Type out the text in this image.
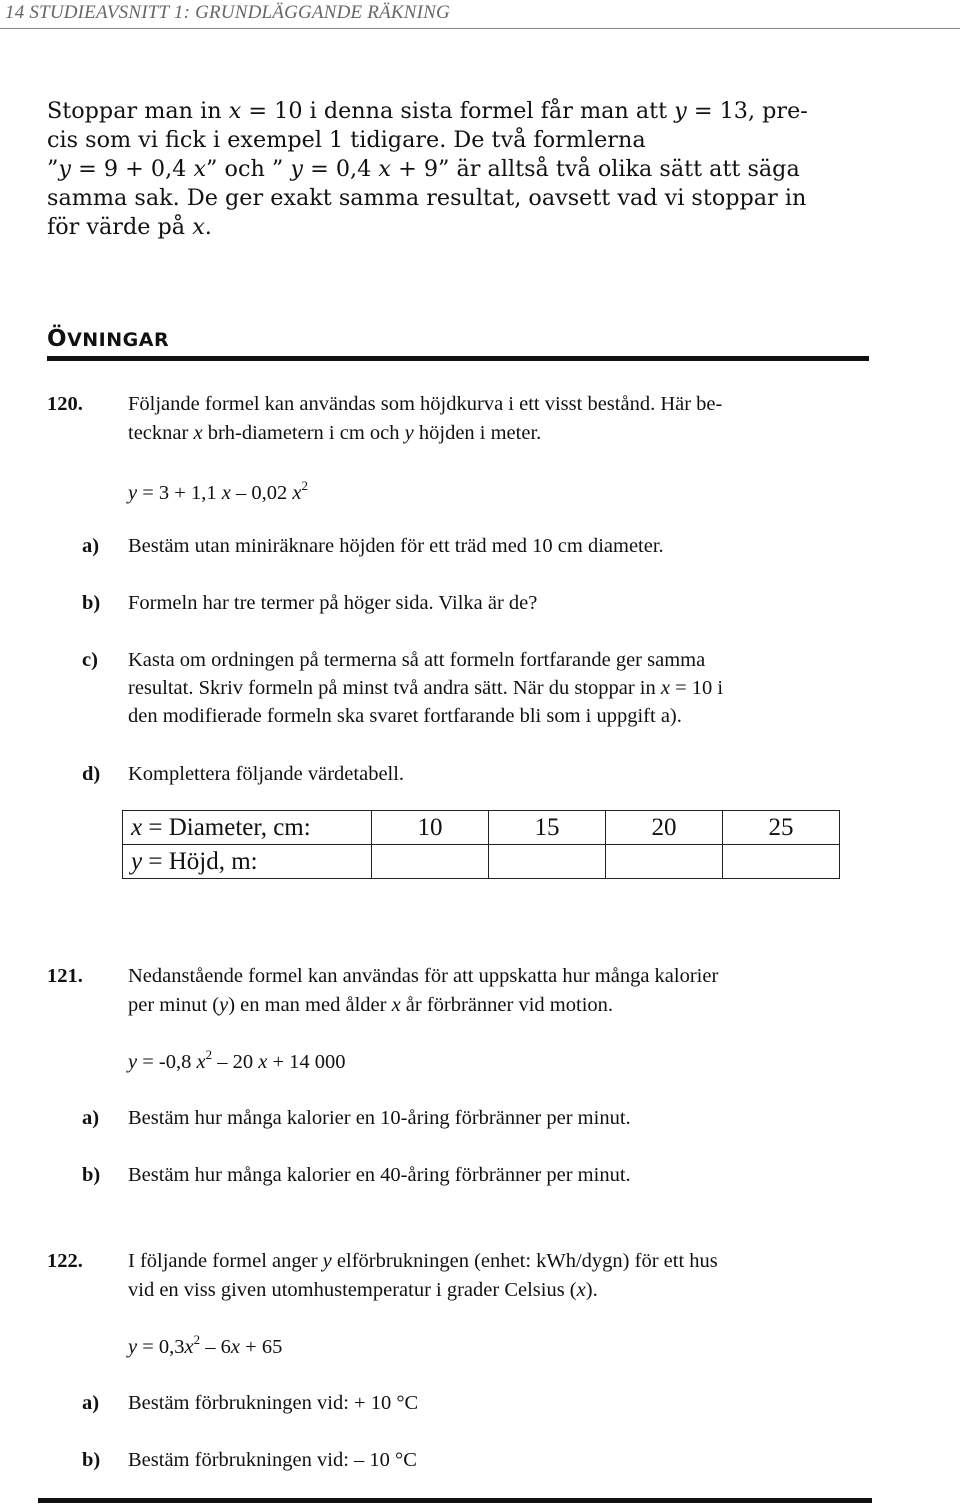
14 STUDIEAVSNITT 1: GRUNDLÄGGANDE RÄKNING

Stoppar man in x = 10 i denna sista formel får man att y = 13, pre-

cis som vi fick i exempel 1 tidigare. De två formlerna

”y = 9 + 0,4 x” och ” y = 0,4 x + 9” är alltså två olika sätt att säga

samma sak. De ger exakt samma resultat, oavsett vad vi stoppar in

för värde på x.

ÖVNINGAR
120. Följande formel kan användas som höjdkurva i ett visst bestånd. Här be-
tecknar x brh-diametern i cm och y höjden i meter.
y = 3 + 1,1 x – 0,02 $x^2$
a) Bestäm utan miniräknare höjden för ett träd med 10 cm diameter.
b) Formeln har tre termer på höger sida. Vilka är de?
c) Kasta om ordningen på termerna så att formeln fortfarande ger samma
resultat. Skriv formeln på minst två andra sätt. När du stoppar in x = 10 i
den modifierade formeln ska svaret fortfarande bli som i uppgift a).
d) Komplettera följande värdetabell.
x = Diameter, cm:	10	15	20	25
y = Höjd, m:				
121. Nedanstående formel kan användas för att uppskatta hur många kalorier
per minut (y) en man med ålder x år förbränner vid motion.
y = -0,8 $x^2 - 20$ x + 14 000
a) Bestäm hur många kalorier en 10-åring förbränner per minut.
b) Bestäm hur många kalorier en 40-åring förbränner per minut.
122. I följande formel anger y elförbrukningen (enhet: kWh/dygn) för ett hus
vid en viss given utomhustemperatur i grader Celsius (x).
$y = 0,3x^2 - 6x + 65$
a) Bestäm förbrukningen vid: + 10 °C
b) Bestäm förbrukningen vid: – 10 °C
